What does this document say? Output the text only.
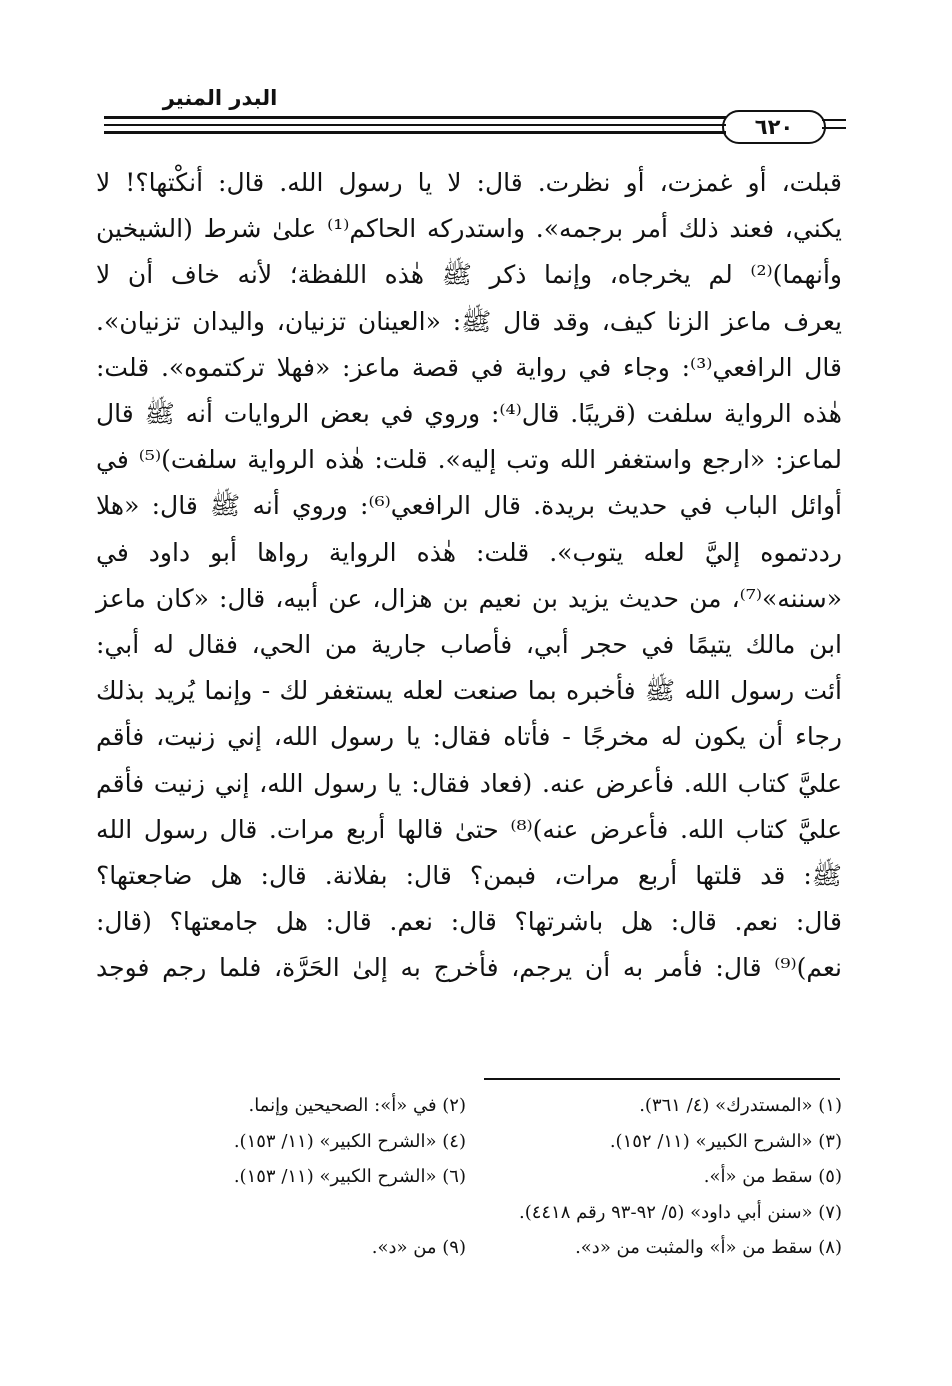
البدر المنير
٦٢٠
قبلت، أو غمزت، أو نظرت. قال: لا يا رسول الله. قال: أنكْتها؟! لا
يكني، فعند ذلك أمر برجمه». واستدركه الحاكم⁽¹⁾ علىٰ شرط (الشيخين
وأنهما)⁽²⁾ لم يخرجاه، وإنما ذكر ﷺ هٰذه اللفظة؛ لأنه خاف أن لا
يعرف ماعز الزنا كيف، وقد قال ﷺ: «العينان تزنيان، واليدان تزنيان».
قال الرافعي⁽³⁾: وجاء في رواية في قصة ماعز: «فهلا تركتموه». قلت:
هٰذه الرواية سلفت (قريبًا. قال⁽⁴⁾: وروي في بعض الروايات أنه ﷺ قال
لماعز: «ارجع واستغفر الله وتب إليه». قلت: هٰذه الرواية سلفت)⁽⁵⁾ في
أوائل الباب في حديث بريدة. قال الرافعي⁽⁶⁾: وروي أنه ﷺ قال: «هلا
رددتموه إليَّ لعله يتوب». قلت: هٰذه الرواية رواها أبو داود في
«سننه»⁽⁷⁾، من حديث يزيد بن نعيم بن هزال، عن أبيه، قال: «كان ماعز
ابن مالك يتيمًا في حجر أبي، فأصاب جارية من الحي، فقال له أبي:
أئت رسول الله ﷺ فأخبره بما صنعت لعله يستغفر لك - وإنما يُريد بذلك
رجاء أن يكون له مخرجًا - فأتاه فقال: يا رسول الله، إني زنيت، فأقم
عليَّ كتاب الله. فأعرض عنه. (فعاد فقال: يا رسول الله، إني زنيت فأقم
عليَّ كتاب الله. فأعرض عنه)⁽⁸⁾ حتىٰ قالها أربع مرات. قال رسول الله
ﷺ: قد قلتها أربع مرات، فبمن؟ قال: بفلانة. قال: هل ضاجعتها؟
قال: نعم. قال: هل باشرتها؟ قال: نعم. قال: هل جامعتها؟ (قال:
نعم)⁽⁹⁾ قال: فأمر به أن يرجم، فأخرج به إلىٰ الحَرَّة، فلما رجم فوجد
(١) «المستدرك» (٤/ ٣٦١).
(٢) في «أ»: الصحيحين وإنما.
(٣) «الشرح الكبير» (١١/ ١٥٢).
(٤) «الشرح الكبير» (١١/ ١٥٣).
(٥) سقط من «أ».
(٦) «الشرح الكبير» (١١/ ١٥٣).
(٧) «سنن أبي داود» (٥/ ٩٢-٩٣ رقم ٤٤١٨).
(٨) سقط من «أ» والمثبت من «د».
(٩) من «د».
